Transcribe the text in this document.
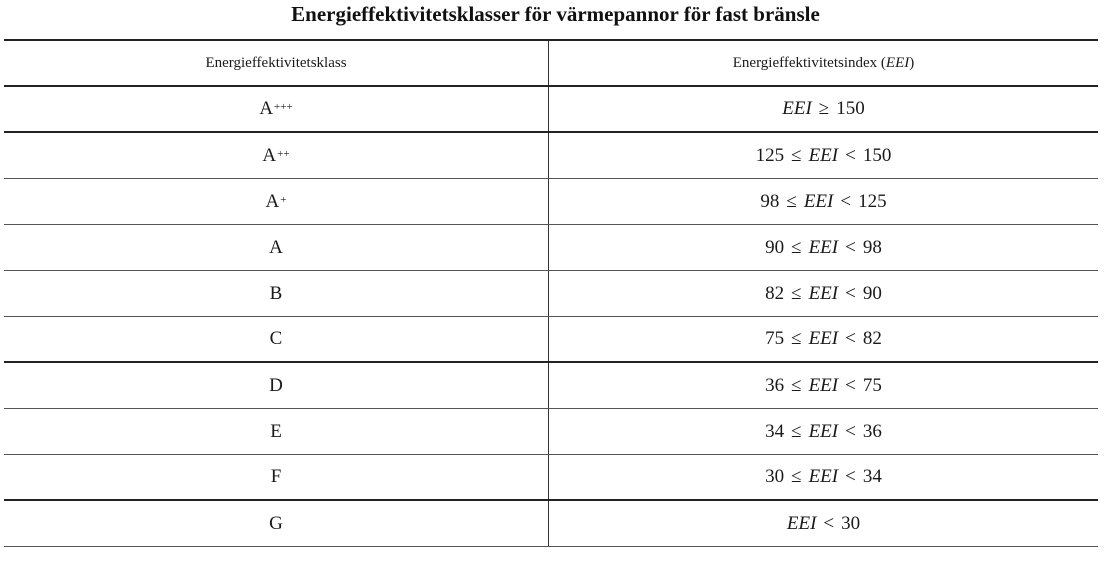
Energieffektivitetsklasser för värmepannor för fast bränsle
Energieffektivitetsklass	Energieffektivitetsindex ( EEI )
A+++	EEI ≥ 150
A++	125 ≤ EEI < 150
A+	98 ≤ EEI < 125
A	90 ≤ EEI < 98
B	82 ≤ EEI < 90
C	75 ≤ EEI < 82
D	36 ≤ EEI < 75
E	34 ≤ EEI < 36
F	30 ≤ EEI < 34
G	EEI < 30
